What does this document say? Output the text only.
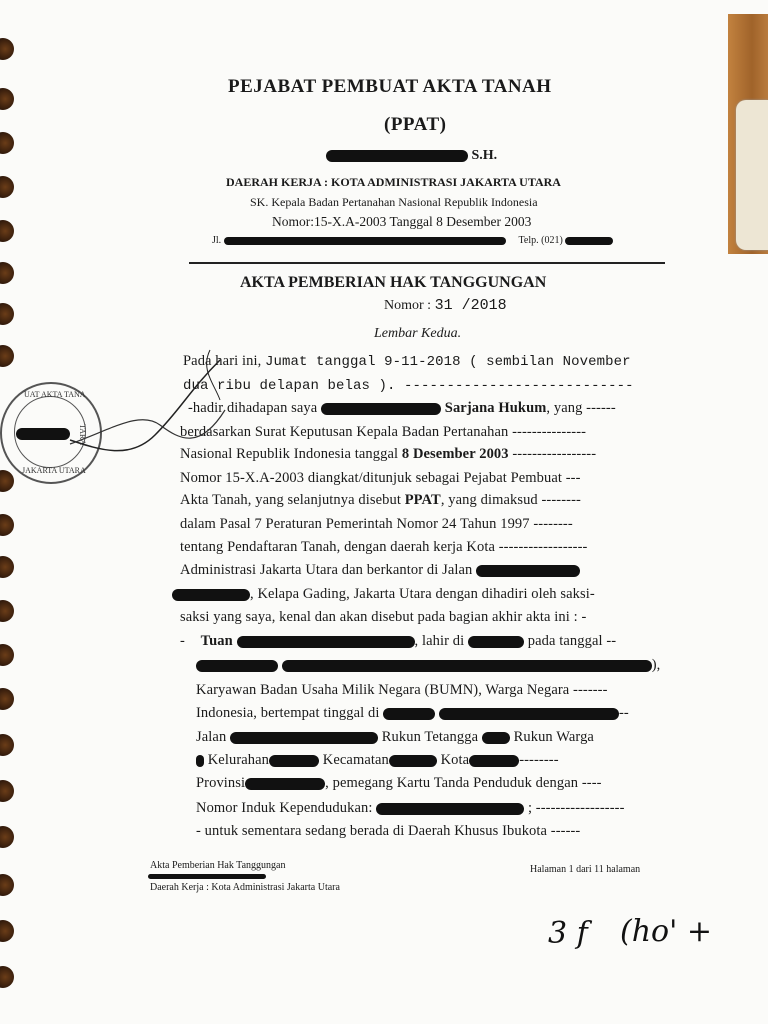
PEJABAT PEMBUAT AKTA TANAH
(PPAT)
S.H.
DAERAH KERJA : KOTA ADMINISTRASI JAKARTA UTARA
SK. Kepala Badan Pertanahan Nasional Republik Indonesia
Nomor:15-X.A-2003 Tanggal 8 Desember 2003
Jl.	Telp. (021)
AKTA PEMBERIAN HAK TANGGUNGAN
Nomor : 31 /2018
Lembar Kedua.
Pada hari ini, Jumat tanggal 9-11-2018 ( sembilan November
dua ribu delapan belas ). ---------------------------
-hadir dihadapan saya	Sarjana Hukum, yang ------
berdasarkan Surat Keputusan Kepala Badan Pertanahan ---------------
Nasional Republik Indonesia tanggal 8 Desember 2003 -----------------
Nomor 15-X.A-2003 diangkat/ditunjuk sebagai Pejabat Pembuat ---
Akta Tanah, yang selanjutnya disebut PPAT, yang dimaksud --------
dalam Pasal 7 Peraturan Pemerintah Nomor 24 Tahun 1997 --------
tentang Pendaftaran Tanah, dengan daerah kerja Kota ------------------
Administrasi Jakarta Utara dan berkantor di Jalan
, Kelapa Gading, Jakarta Utara dengan dihadiri oleh saksi-
saksi yang saya, kenal dan akan disebut pada bagian akhir akta ini : -
- Tuan	, lahir di	pada tanggal --
),
Karyawan Badan Usaha Milik Negara (BUMN), Warga Negara -------
Indonesia, bertempat tinggal di	--
Jalan	Rukun Tetangga Rukun Warga
Kelurahan	Kecamatan	Kota	--------
Provinsi	, pemegang Kartu Tanda Penduduk dengan ----
Nomor Induk Kependudukan:	; ------------------
- untuk sementara sedang berada di Daerah Khusus Ibukota ------
UAT AKTA TANA
TARA
JAKARTA UTARA
Akta Pemberian Hak Tanggungan
Daerah Kerja : Kota Administrasi Jakarta Utara
Halaman 1 dari 11 halaman
3 f (ho' +
